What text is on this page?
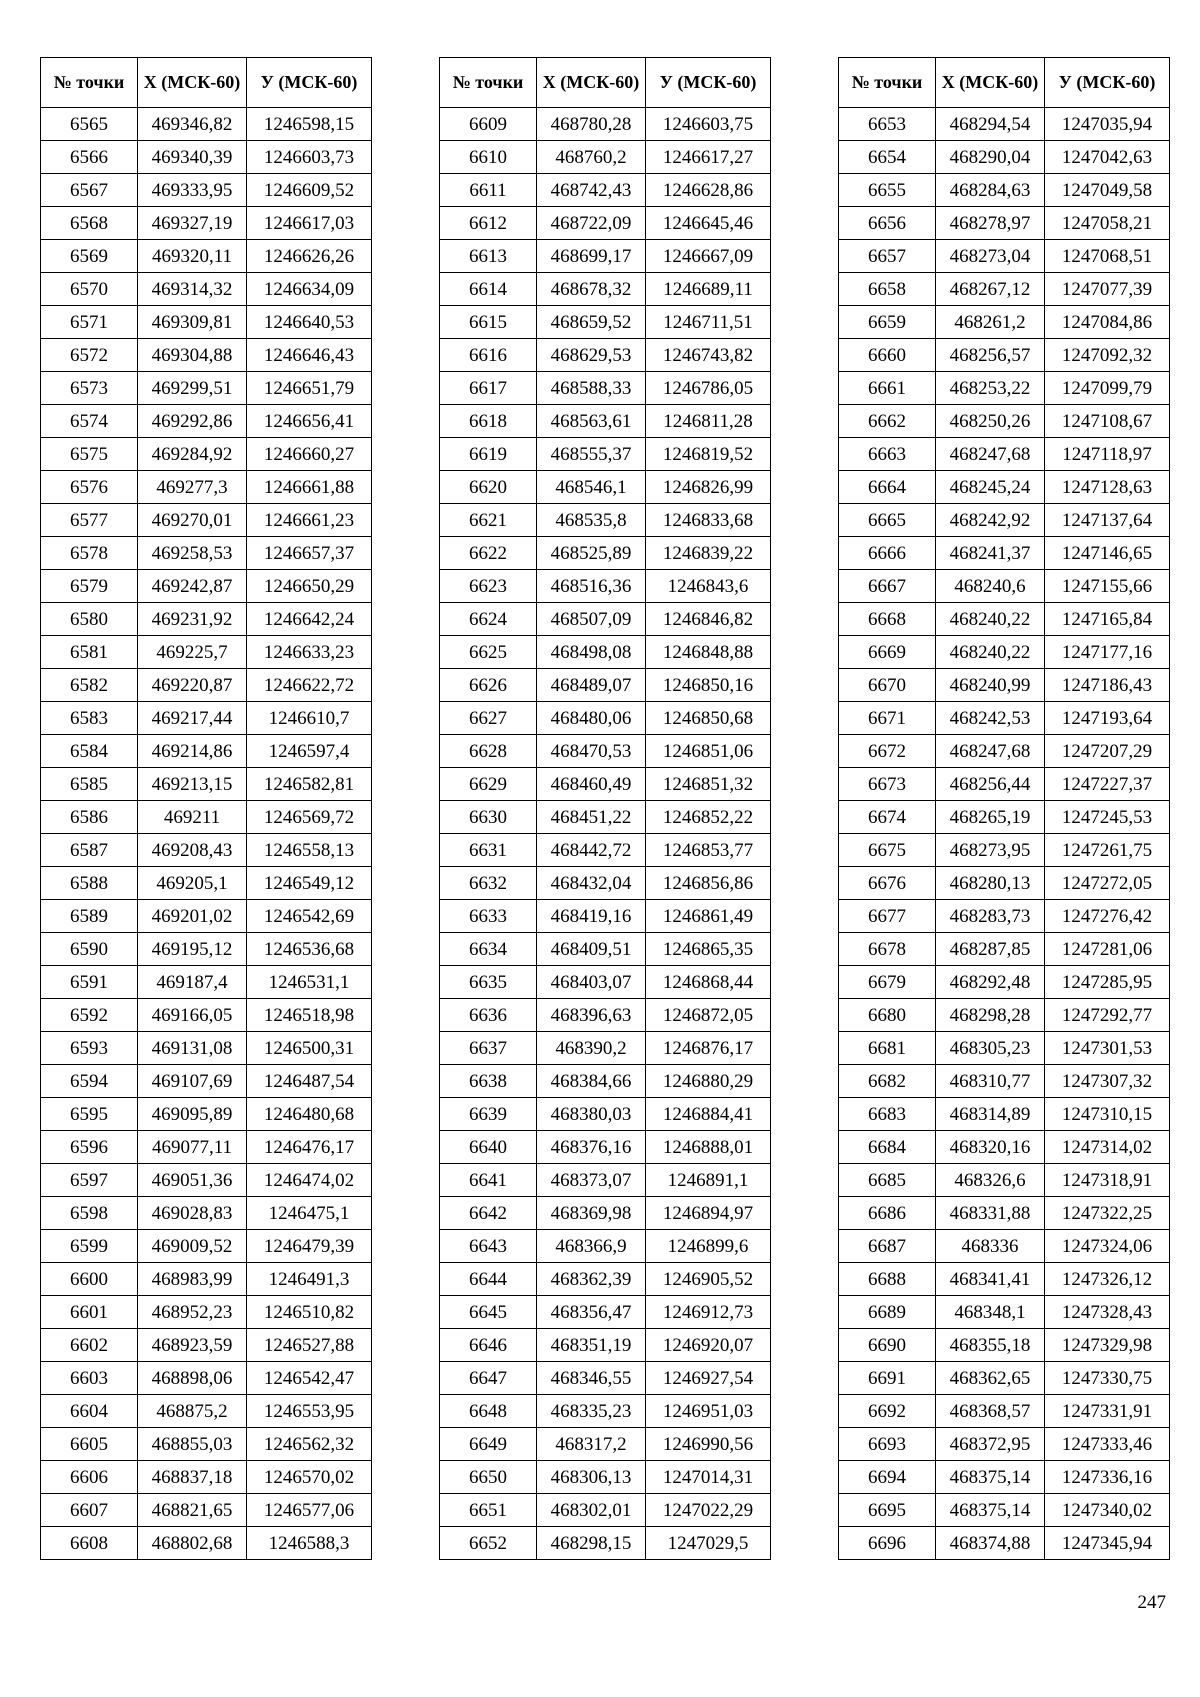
№ точки	X (МСК-60)	У (МСК-60)
6565	469346,82	1246598,15
6566	469340,39	1246603,73
6567	469333,95	1246609,52
6568	469327,19	1246617,03
6569	469320,11	1246626,26
6570	469314,32	1246634,09
6571	469309,81	1246640,53
6572	469304,88	1246646,43
6573	469299,51	1246651,79
6574	469292,86	1246656,41
6575	469284,92	1246660,27
6576	469277,3	1246661,88
6577	469270,01	1246661,23
6578	469258,53	1246657,37
6579	469242,87	1246650,29
6580	469231,92	1246642,24
6581	469225,7	1246633,23
6582	469220,87	1246622,72
6583	469217,44	1246610,7
6584	469214,86	1246597,4
6585	469213,15	1246582,81
6586	469211	1246569,72
6587	469208,43	1246558,13
6588	469205,1	1246549,12
6589	469201,02	1246542,69
6590	469195,12	1246536,68
6591	469187,4	1246531,1
6592	469166,05	1246518,98
6593	469131,08	1246500,31
6594	469107,69	1246487,54
6595	469095,89	1246480,68
6596	469077,11	1246476,17
6597	469051,36	1246474,02
6598	469028,83	1246475,1
6599	469009,52	1246479,39
6600	468983,99	1246491,3
6601	468952,23	1246510,82
6602	468923,59	1246527,88
6603	468898,06	1246542,47
6604	468875,2	1246553,95
6605	468855,03	1246562,32
6606	468837,18	1246570,02
6607	468821,65	1246577,06
6608	468802,68	1246588,3
№ точки	X (МСК-60)	У (МСК-60)
6609	468780,28	1246603,75
6610	468760,2	1246617,27
6611	468742,43	1246628,86
6612	468722,09	1246645,46
6613	468699,17	1246667,09
6614	468678,32	1246689,11
6615	468659,52	1246711,51
6616	468629,53	1246743,82
6617	468588,33	1246786,05
6618	468563,61	1246811,28
6619	468555,37	1246819,52
6620	468546,1	1246826,99
6621	468535,8	1246833,68
6622	468525,89	1246839,22
6623	468516,36	1246843,6
6624	468507,09	1246846,82
6625	468498,08	1246848,88
6626	468489,07	1246850,16
6627	468480,06	1246850,68
6628	468470,53	1246851,06
6629	468460,49	1246851,32
6630	468451,22	1246852,22
6631	468442,72	1246853,77
6632	468432,04	1246856,86
6633	468419,16	1246861,49
6634	468409,51	1246865,35
6635	468403,07	1246868,44
6636	468396,63	1246872,05
6637	468390,2	1246876,17
6638	468384,66	1246880,29
6639	468380,03	1246884,41
6640	468376,16	1246888,01
6641	468373,07	1246891,1
6642	468369,98	1246894,97
6643	468366,9	1246899,6
6644	468362,39	1246905,52
6645	468356,47	1246912,73
6646	468351,19	1246920,07
6647	468346,55	1246927,54
6648	468335,23	1246951,03
6649	468317,2	1246990,56
6650	468306,13	1247014,31
6651	468302,01	1247022,29
6652	468298,15	1247029,5
№ точки	X (МСК-60)	У (МСК-60)
6653	468294,54	1247035,94
6654	468290,04	1247042,63
6655	468284,63	1247049,58
6656	468278,97	1247058,21
6657	468273,04	1247068,51
6658	468267,12	1247077,39
6659	468261,2	1247084,86
6660	468256,57	1247092,32
6661	468253,22	1247099,79
6662	468250,26	1247108,67
6663	468247,68	1247118,97
6664	468245,24	1247128,63
6665	468242,92	1247137,64
6666	468241,37	1247146,65
6667	468240,6	1247155,66
6668	468240,22	1247165,84
6669	468240,22	1247177,16
6670	468240,99	1247186,43
6671	468242,53	1247193,64
6672	468247,68	1247207,29
6673	468256,44	1247227,37
6674	468265,19	1247245,53
6675	468273,95	1247261,75
6676	468280,13	1247272,05
6677	468283,73	1247276,42
6678	468287,85	1247281,06
6679	468292,48	1247285,95
6680	468298,28	1247292,77
6681	468305,23	1247301,53
6682	468310,77	1247307,32
6683	468314,89	1247310,15
6684	468320,16	1247314,02
6685	468326,6	1247318,91
6686	468331,88	1247322,25
6687	468336	1247324,06
6688	468341,41	1247326,12
6689	468348,1	1247328,43
6690	468355,18	1247329,98
6691	468362,65	1247330,75
6692	468368,57	1247331,91
6693	468372,95	1247333,46
6694	468375,14	1247336,16
6695	468375,14	1247340,02
6696	468374,88	1247345,94
247
